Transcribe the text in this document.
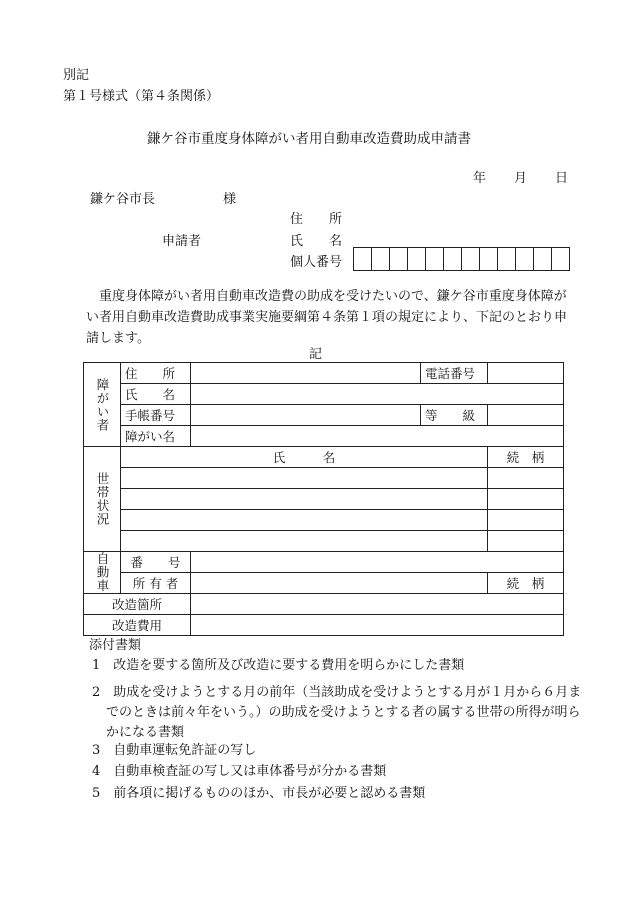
別記
第１号様式（第４条関係）
鎌ケ谷市重度身体障がい者用自動車改造費助成申請書
年 月 日
鎌ケ谷市長	様
住　　所
申請者	氏　　名
個人番号
重度身体障がい者用自動車改造費の助成を受けたいので、鎌ケ谷市重度身体障がい者用自動車改造費助成事業実施要綱第４条第１項の規定により、下記のとおり申請します。
記
障がい者	住　　所		電話番号		
	氏　　名				
	手帳番号		等　　級		
	障がい名				
世帯状況	氏　　　名			続　柄	

自動車	番　　号				
	所 有 者			続　柄	
改造箇所					
改造費用					
添付書類
1　改造を要する箇所及び改造に要する費用を明らかにした書類
2　助成を受けようとする月の前年（当該助成を受けようとする月が１月から６月までのときは前々年をいう。）の助成を受けようとする者の属する世帯の所得が明らかになる書類
3　自動車運転免許証の写し
4　自動車検査証の写し又は車体番号が分かる書類
5　前各項に掲げるもののほか、市長が必要と認める書類
